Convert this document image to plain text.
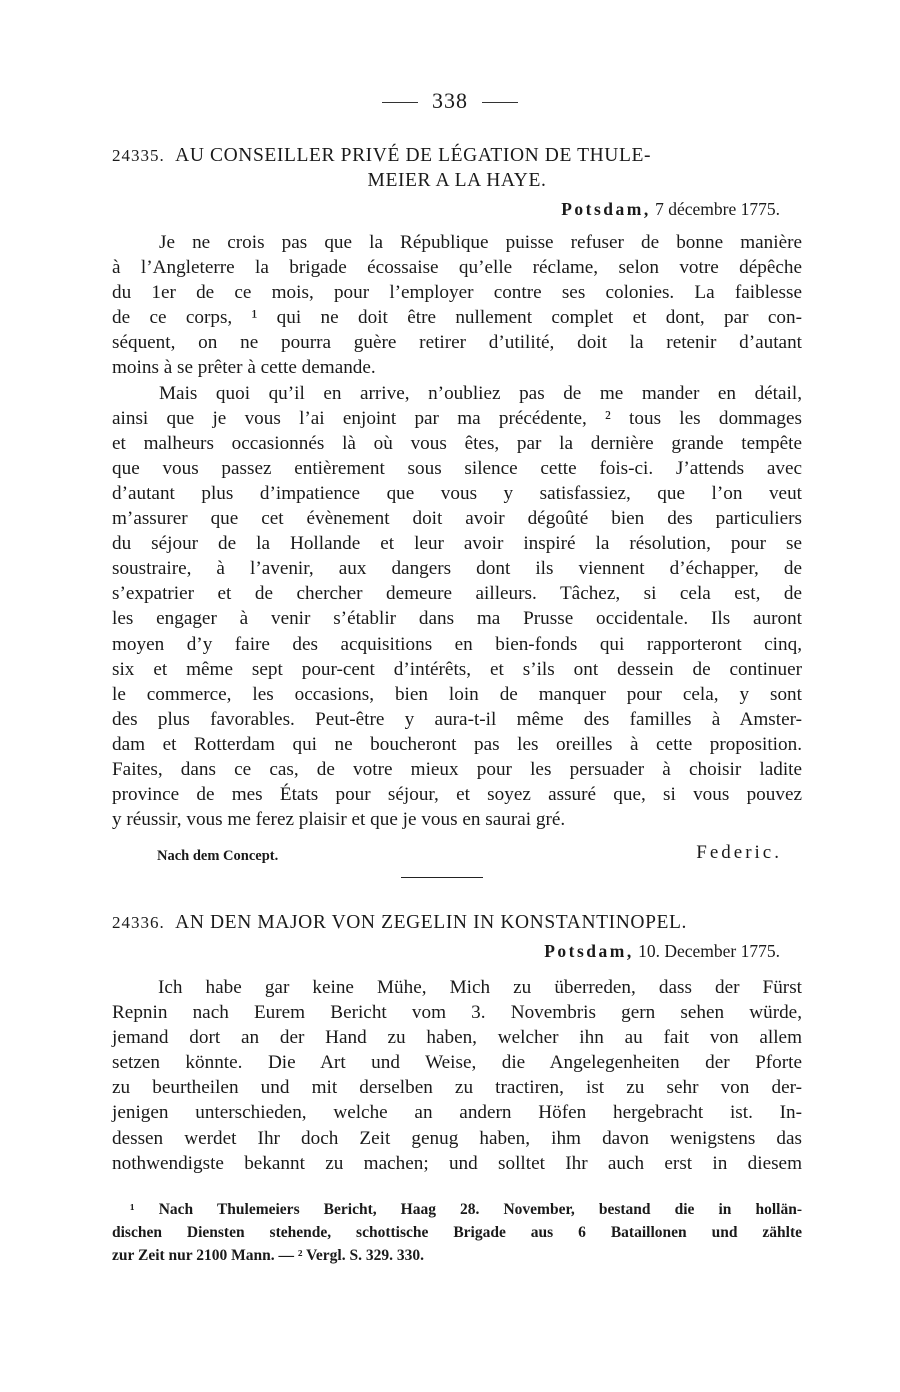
338
24335. AU CONSEILLER PRIVÉ DE LÉGATION DE THULE-
MEIER A LA HAYE.
Potsdam, 7 décembre 1775.
Je ne crois pas que la République puisse refuser de bonne manière
à l’Angleterre la brigade écossaise qu’elle réclame, selon votre dépêche
du 1er de ce mois, pour l’employer contre ses colonies. La faiblesse
de ce corps, ¹ qui ne doit être nullement complet et dont, par con-
séquent, on ne pourra guère retirer d’utilité, doit la retenir d’autant
moins à se prêter à cette demande.
Mais quoi qu’il en arrive, n’oubliez pas de me mander en détail,
ainsi que je vous l’ai enjoint par ma précédente, ² tous les dommages
et malheurs occasionnés là où vous êtes, par la dernière grande tempête
que vous passez entièrement sous silence cette fois-ci. J’attends avec
d’autant plus d’impatience que vous y satisfassiez, que l’on veut
m’assurer que cet évènement doit avoir dégoûté bien des particuliers
du séjour de la Hollande et leur avoir inspiré la résolution, pour se
soustraire, à l’avenir, aux dangers dont ils viennent d’échapper, de
s’expatrier et de chercher demeure ailleurs. Tâchez, si cela est, de
les engager à venir s’établir dans ma Prusse occidentale. Ils auront
moyen d’y faire des acquisitions en bien-fonds qui rapporteront cinq,
six et même sept pour-cent d’intérêts, et s’ils ont dessein de continuer
le commerce, les occasions, bien loin de manquer pour cela, y sont
des plus favorables. Peut-être y aura-t-il même des familles à Amster-
dam et Rotterdam qui ne boucheront pas les oreilles à cette proposition.
Faites, dans ce cas, de votre mieux pour les persuader à choisir ladite
province de mes États pour séjour, et soyez assuré que, si vous pouvez
y réussir, vous me ferez plaisir et que je vous en saurai gré.
Nach dem Concept.	Federic.
24336. AN DEN MAJOR VON ZEGELIN IN KONSTANTINOPEL.
Potsdam, 10. December 1775.
Ich habe gar keine Mühe, Mich zu überreden, dass der Fürst
Repnin nach Eurem Bericht vom 3. Novembris gern sehen würde,
jemand dort an der Hand zu haben, welcher ihn au fait von allem
setzen könnte. Die Art und Weise, die Angelegenheiten der Pforte
zu beurtheilen und mit derselben zu tractiren, ist zu sehr von der-
jenigen unterschieden, welche an andern Höfen hergebracht ist. In-
dessen werdet Ihr doch Zeit genug haben, ihm davon wenigstens das
nothwendigste bekannt zu machen; und solltet Ihr auch erst in diesem
¹ Nach Thulemeiers Bericht, Haag 28. November, bestand die in hollän-
dischen Diensten stehende, schottische Brigade aus 6 Bataillonen und zählte
zur Zeit nur 2100 Mann. — ² Vergl. S. 329. 330.
